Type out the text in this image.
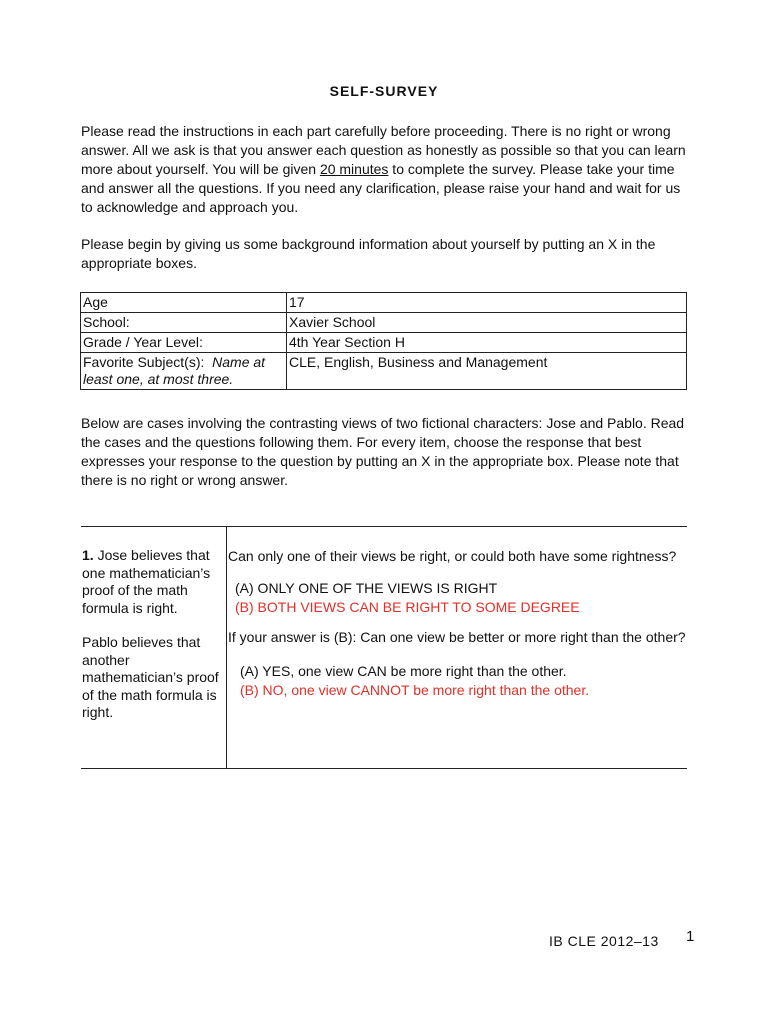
SELF-SURVEY
Please read the instructions in each part carefully before proceeding. There is no right or wrong answer. All we ask is that you answer each question as honestly as possible so that you can learn more about yourself. You will be given 20 minutes to complete the survey. Please take your time and answer all the questions. If you need any clarification, please raise your hand and wait for us to acknowledge and approach you.
Please begin by giving us some background information about yourself by putting an X in the appropriate boxes.
Age	17
School:	Xavier School
Grade / Year Level:	4th Year Section H
Favorite Subject(s): Name at least one, at most three.	CLE, English, Business and Management
Below are cases involving the contrasting views of two fictional characters: Jose and Pablo. Read the cases and the questions following them. For every item, choose the response that best expresses your response to the question by putting an X in the appropriate box. Please note that there is no right or wrong answer.
1. Jose believes that one mathematician’s proof of the math formula is right.
Pablo believes that another mathematician’s proof of the math formula is right.
Can only one of their views be right, or could both have some rightness?
(A) ONLY ONE OF THE VIEWS IS RIGHT
(B) BOTH VIEWS CAN BE RIGHT TO SOME DEGREE
If your answer is (B): Can one view be better or more right than the other?
(A) YES, one view CAN be more right than the other.
(B) NO, one view CANNOT be more right than the other.
IB CLE 2012–13 1
